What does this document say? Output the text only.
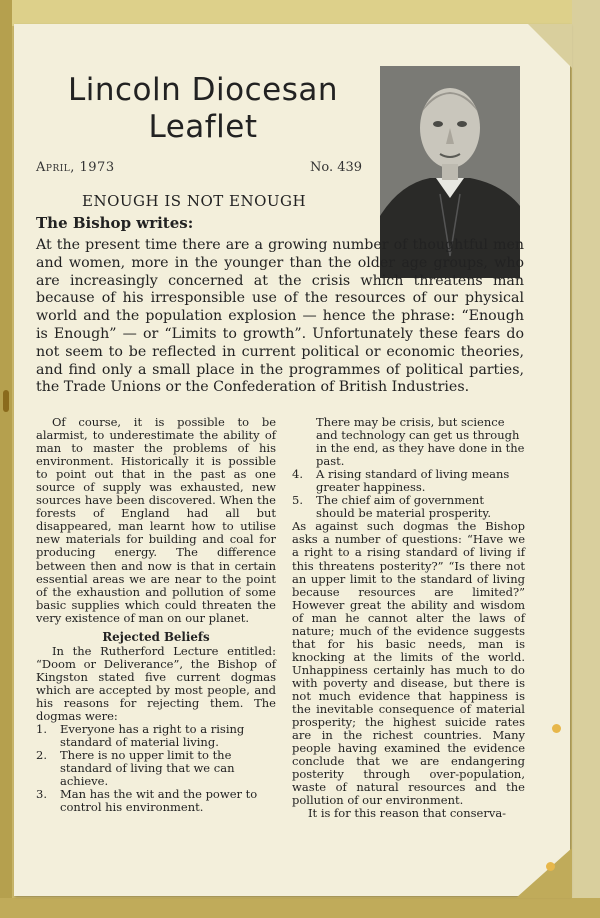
Lincoln Diocesan
Leaflet
April, 1973	No. 439
ENOUGH IS NOT ENOUGH
The Bishop writes:
At the present time there are a growing number of thoughtful men and women, more in the younger than the older age groups, who are increasingly concerned at the crisis which threatens man because of his irresponsible use of the resources of our physical world and the population explosion — hence the phrase: “Enough is Enough” — or “Limits to growth”. Unfortunately these fears do not seem to be reflected in current political or economic theories, and find only a small place in the programmes of political parties, the Trade Unions or the Confederation of British Industries.

Of course, it is possible to be alarmist, to underestimate the ability of man to master the problems of his environment. Historically it is possible to point out that in the past as one source of supply was exhausted, new sources have been discovered. When the forests of England had all but disappeared, man learnt how to utilise new materials for building and coal for producing energy. The difference between then and now is that in certain essential areas we are near to the point of the exhaustion and pollution of some basic supplies which could threaten the very existence of man on our planet.

Rejected Beliefs

In the Rutherford Lecture entitled: “Doom or Deliverance”, the Bishop of Kingston stated five current dogmas which are accepted by most people, and his reasons for rejecting them. The dogmas were:

1.	Everyone has a right to a rising standard of material living.
2.	There is no upper limit to the standard of living that we can achieve.
3.	Man has the wit and the power to control his environment.
There may be crisis, but science and technology can get us through in the end, as they have done in the past.
4.	A rising standard of living means greater happiness.
5.	The chief aim of government should be material prosperity.

As against such dogmas the Bishop asks a number of questions: “Have we a right to a rising standard of living if this threatens posterity?” “Is there not an upper limit to the standard of living because resources are limited?” However great the ability and wisdom of man he cannot alter the laws of nature; much of the evidence suggests that for his basic needs, man is knocking at the limits of the world. Unhappiness certainly has much to do with poverty and disease, but there is not much evidence that happiness is the inevitable consequence of material prosperity; the highest suicide rates are in the richest countries. Many people having examined the evidence conclude that we are endangering posterity through over-population, waste of natural resources and the pollution of our environment.

It is for this reason that conserva-
